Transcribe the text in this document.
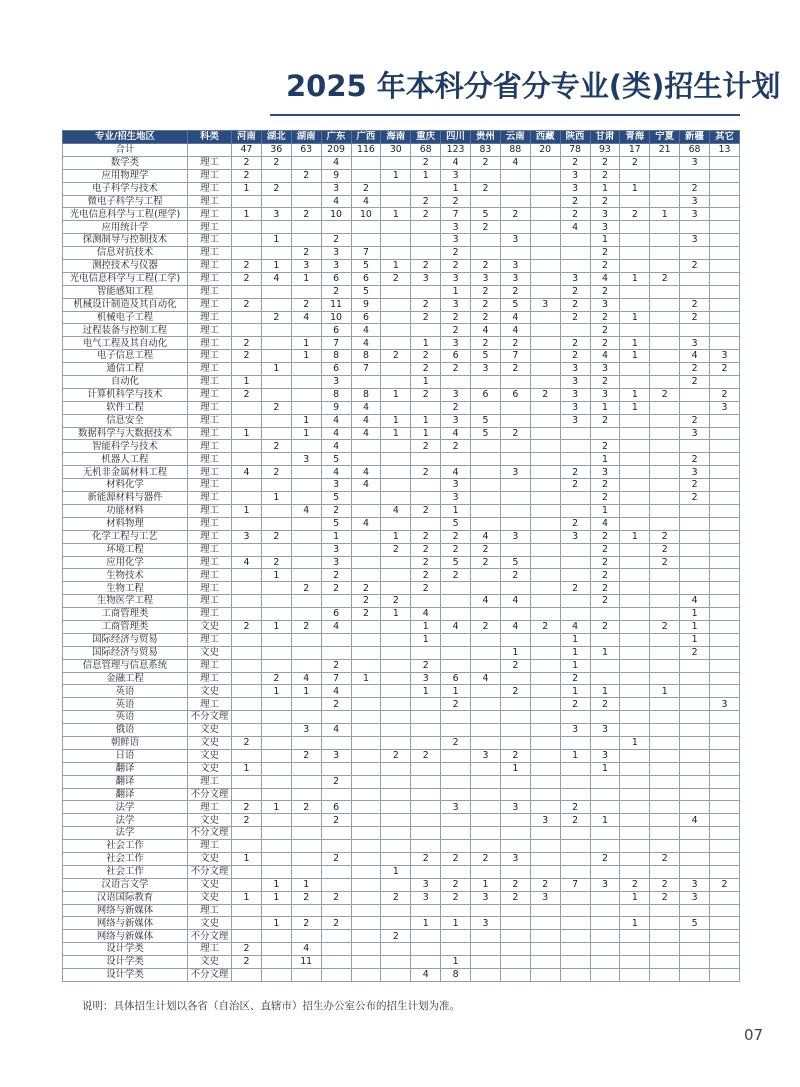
2025 年本科分省分专业(类)招生计划
专业/招生地区	科类	河南	湖北	湖南	广东	广西	海南	重庆	四川	贵州	云南	西藏	陕西	甘肃	青海	宁夏	新疆	其它
合计		47	36	63	209	116	30	68	123	83	88	20	78	93	17	21	68	13
数学类	理工	2	2		4			2	4	2	4		2	2	2		3	
应用物理学	理工	2		2	9		1	1	3				3	2				
电子科学与技术	理工	1	2		3	2			1	2			3	1	1		2	
微电子科学与工程	理工				4	4		2	2				2	2			3	
光电信息科学与工程(理学)	理工	1	3	2	10	10	1	2	7	5	2		2	3	2	1	3	
应用统计学	理工								3	2			4	3				
探测制导与控制技术	理工		1		2				3		3			1			3	
信息对抗技术	理工			2	3	7			2					2				
测控技术与仪器	理工	2	1	3	3	5	1	2	2	2	3			2			2	
光电信息科学与工程(工学)	理工	2	4	1	6	6	2	3	3	3	3		3	4	1	2		
智能感知工程	理工				2	5			1	2	2		2	2				
机械设计制造及其自动化	理工	2		2	11	9		2	3	2	5	3	2	3			2	
机械电子工程	理工		2	4	10	6		2	2	2	4		2	2	1		2	
过程装备与控制工程	理工				6	4			2	4	4			2				
电气工程及其自动化	理工	2		1	7	4		1	3	2	2		2	2	1		3	
电子信息工程	理工	2		1	8	8	2	2	6	5	7		2	4	1		4	3
通信工程	理工		1		6	7		2	2	3	2		3	3			2	2
自动化	理工	1			3			1					3	2			2	
计算机科学与技术	理工	2			8	8	1	2	3	6	6	2	3	3	1	2		2
软件工程	理工		2		9	4			2				3	1	1			3
信息安全	理工			1	4	4	1	1	3	5			3	2			2	
数据科学与大数据技术	理工	1		1	4	4	1	1	4	5	2						3	
智能科学与技术	理工		2		4			2	2					2				
机器人工程	理工			3	5									1			2	
无机非金属材料工程	理工	4	2		4	4		2	4		3		2	3			3	
材料化学	理工				3	4			3				2	2			2	
新能源材料与器件	理工		1		5				3					2			2	
功能材料	理工	1		4	2		4	2	1					1				
材料物理	理工				5	4			5				2	4				
化学工程与工艺	理工	3	2		1		1	2	2	4	3		3	2	1	2		
环境工程	理工				3		2	2	2	2				2		2		
应用化学	理工	4	2		3			2	5	2	5			2		2		
生物技术	理工		1		2			2	2		2			2				
生物工程	理工			2	2	2		2					2	2				
生物医学工程	理工					2	2			4	4			2			4	
工商管理类	理工				6	2	1	4									1	
工商管理类	文史	2	1	2	4			1	4	2	4	2	4	2		2	1	
国际经济与贸易	理工							1					1				1	
国际经济与贸易	文史										1		1	1			2	
信息管理与信息系统	理工				2			2			2		1					
金融工程	理工		2	4	7	1		3	6	4			2					
英语	文史		1	1	4			1	1		2		1	1		1		
英语	理工				2				2				2	2				3
英语	不分文理																	
俄语	文史			3	4								3	3				
朝鲜语	文史	2							2						1			
日语	文史			2	3		2	2		3	2		1	3				
翻译	文史	1									1			1				
翻译	理工				2													
翻译	不分文理																	
法学	理工	2	1	2	6				3		3		2					
法学	文史	2			2							3	2	1			4	
法学	不分文理																	
社会工作	理工																	
社会工作	文史	1			2			2	2	2	3			2		2		
社会工作	不分文理						1											
汉语言文学	文史		1	1				3	2	1	2	2	7	3	2	2	3	2
汉语国际教育	文史	1	1	2	2		2	3	2	3	2	3			1	2	3	
网络与新媒体	理工																	
网络与新媒体	文史		1	2	2			1	1	3					1		5	
网络与新媒体	不分文理						2											
设计学类	理工	2		4														
设计学类	文史	2		11					1									
设计学类	不分文理							4	8									

说明：具体招生计划以各省（自治区、直辖市）招生办公室公布的招生计划为准。

07
